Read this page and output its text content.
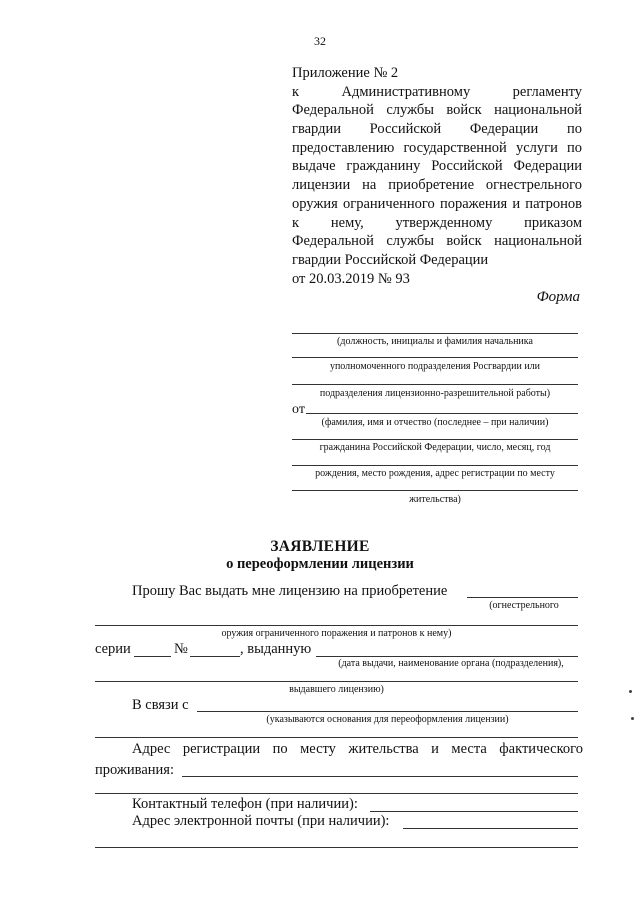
32
Приложение № 2
к Административному регламенту
Федеральной службы войск национальной
гвардии Российской Федерации по
предоставлению государственной услуги по
выдаче гражданину Российской Федерации
лицензии на приобретение огнестрельного
оружия ограниченного поражения и патронов
к нему, утвержденному приказом
Федеральной службы войск национальной
гвардии Российской Федерации
от 20.03.2019 № 93
Форма
(должность, инициалы и фамилия начальника
уполномоченного подразделения Росгвардии или
подразделения лицензионно-разрешительной работы)
от
(фамилия, имя и отчество (последнее – при наличии)
гражданина Российской Федерации, число, месяц, год
рождения, место рождения, адрес регистрации по месту
жительства)
ЗАЯВЛЕНИЕ
о переоформлении лицензии
Прошу Вас выдать мне лицензию на приобретение
(огнестрельного
оружия ограниченного поражения и патронов к нему)
серии	№	, выданную
(дата выдачи, наименование органа (подразделения),
выдавшего лицензию)
В связи с
(указываются основания для переоформления лицензии)
Адрес регистрации по месту жительства и места фактического
проживания:
Контактный телефон (при наличии):
Адрес электронной почты (при наличии):
